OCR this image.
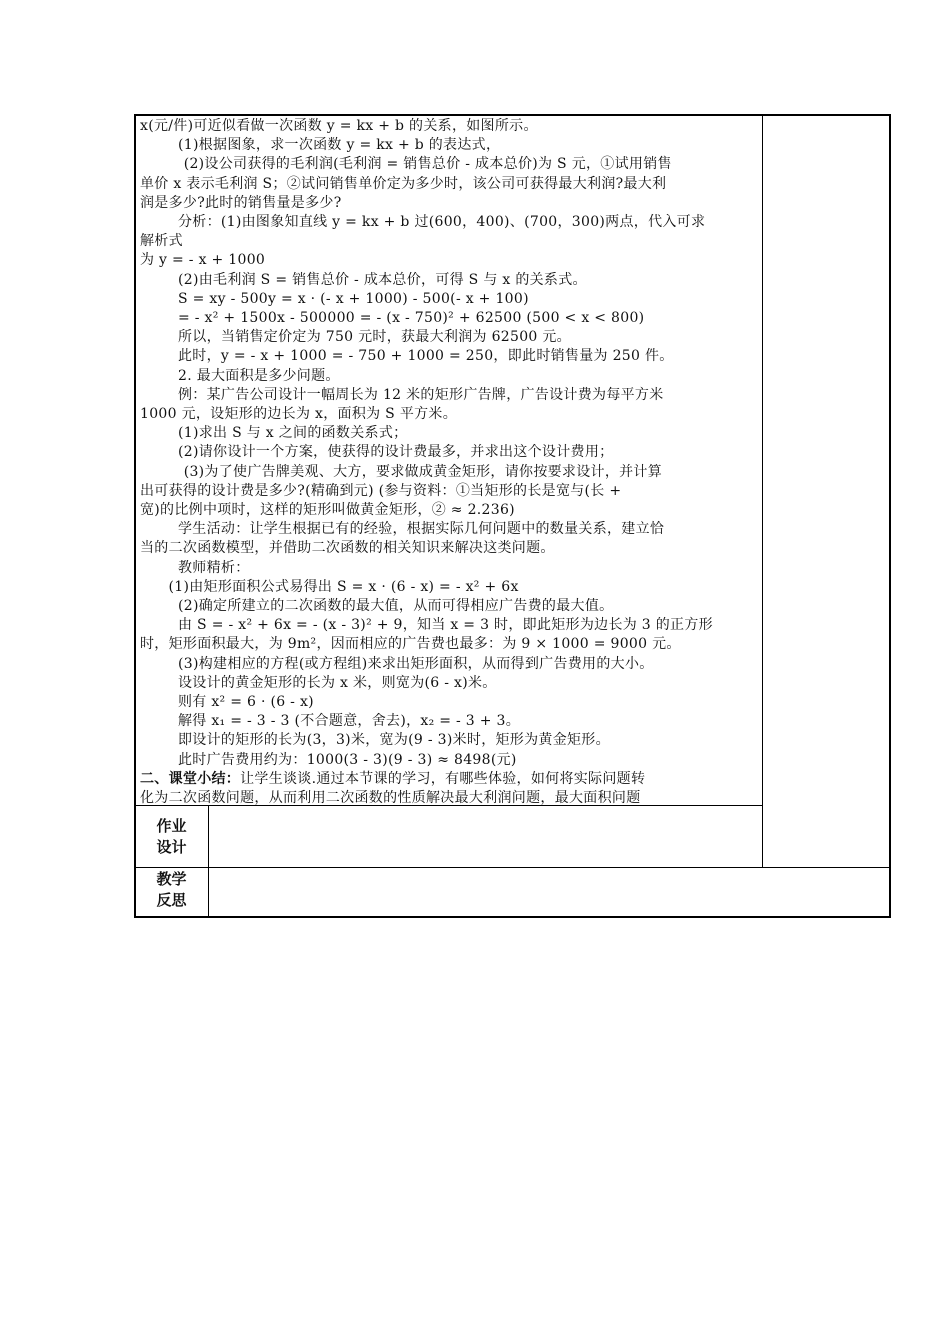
x(元/件)可近似看做一次函数 y = kx + b 的关系，如图所示。
(1)根据图象，求一次函数 y = kx + b 的表达式，
(2)设公司获得的毛利润(毛利润 = 销售总价 - 成本总价)为 S 元，①试用销售
单价 x 表示毛利润 S；②试问销售单价定为多少时，该公司可获得最大利润?最大利
润是多少?此时的销售量是多少?
分析：(1)由图象知直线 y = kx + b 过(600，400)、(700，300)两点，代入可求
解析式
为 y = - x + 1000
(2)由毛利润 S = 销售总价 - 成本总价，可得 S 与 x 的关系式。
S = xy - 500y = x · (- x + 1000) - 500(- x + 100)
= - x² + 1500x - 500000 = - (x - 750)² + 62500 (500 < x < 800)
所以，当销售定价定为 750 元时，获最大利润为 62500 元。
此时，y = - x + 1000 = - 750 + 1000 = 250，即此时销售量为 250 件。
2. 最大面积是多少问题。
例：某广告公司设计一幅周长为 12 米的矩形广告牌，广告设计费为每平方米
1000 元，设矩形的边长为 x，面积为 S 平方米。
(1)求出 S 与 x 之间的函数关系式；
(2)请你设计一个方案，使获得的设计费最多，并求出这个设计费用；
(3)为了使广告牌美观、大方，要求做成黄金矩形，请你按要求设计，并计算
出可获得的设计费是多少?(精确到元) (参与资料：①当矩形的长是宽与(长 +
宽)的比例中项时，这样的矩形叫做黄金矩形，② ≈ 2.236)
学生活动：让学生根据已有的经验，根据实际几何问题中的数量关系，建立恰
当的二次函数模型，并借助二次函数的相关知识来解决这类问题。
教师精析：
(1)由矩形面积公式易得出 S = x · (6 - x) = - x² + 6x
(2)确定所建立的二次函数的最大值，从而可得相应广告费的最大值。
由 S = - x² + 6x = - (x - 3)² + 9，知当 x = 3 时，即此矩形为边长为 3 的正方形
时，矩形面积最大，为 9m²，因而相应的广告费也最多：为 9 × 1000 = 9000 元。
(3)构建相应的方程(或方程组)来求出矩形面积，从而得到广告费用的大小。
设设计的黄金矩形的长为 x 米，则宽为(6 - x)米。
则有 x² = 6 · (6 - x)
解得 x₁ = - 3 - 3 (不合题意，舍去)，x₂ = - 3 + 3。
即设计的矩形的长为(3，3)米，宽为(9 - 3)米时，矩形为黄金矩形。
此时广告费用约为：1000(3 - 3)(9 - 3) ≈ 8498(元)
二、课堂小结：让学生谈谈.通过本节课的学习，有哪些体验，如何将实际问题转
化为二次函数问题，从而利用二次函数的性质解决最大利润问题，最大面积问题
作业
设计
教学
反思
